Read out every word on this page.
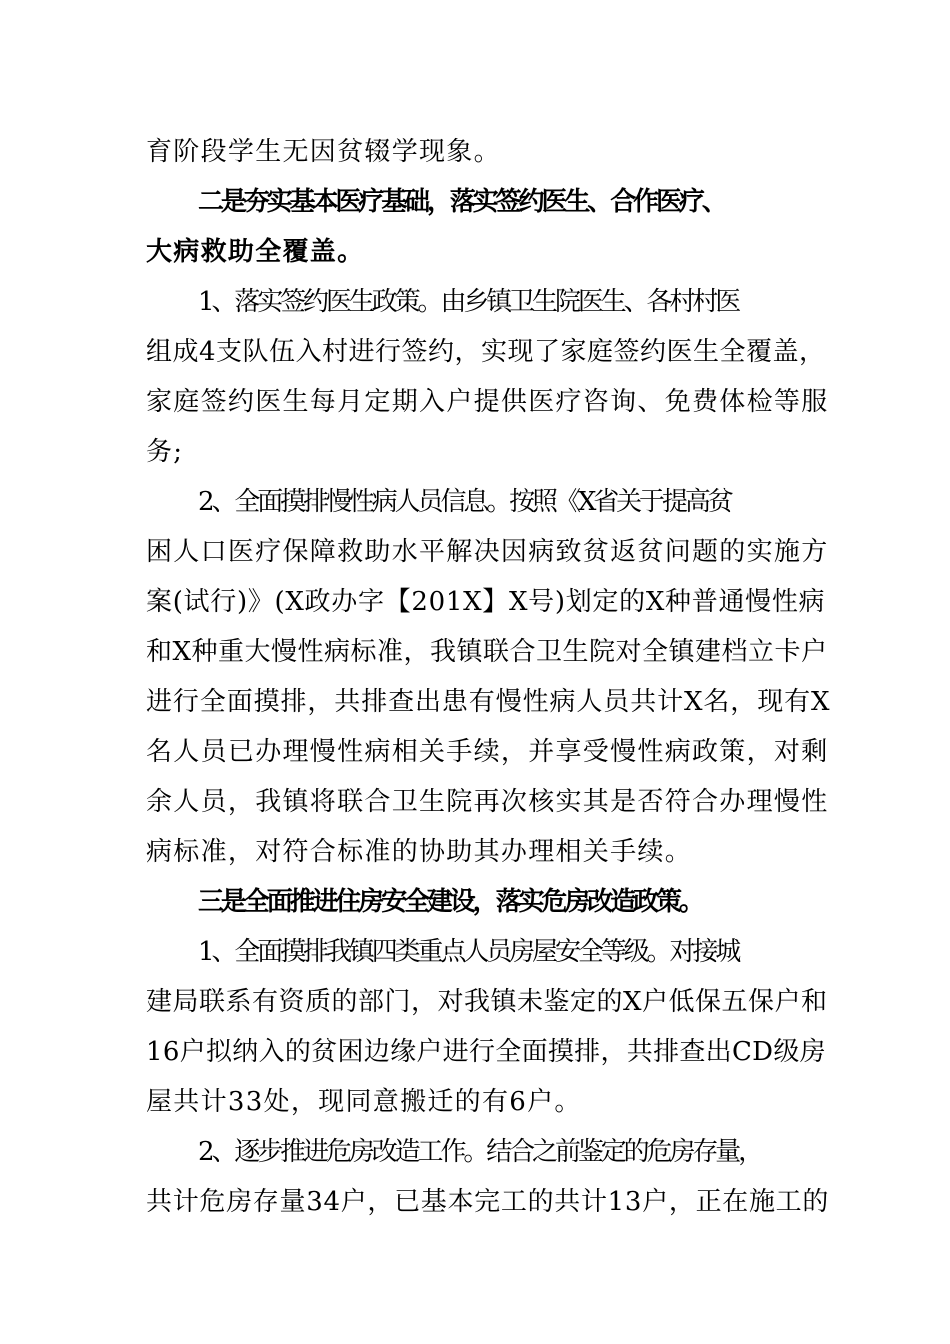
育阶段学生无因贫辍学现象。
二是夯实基本医疗基础，落实签约医生、合作医疗、
大病救助全覆盖。
1、落实签约医生政策。由乡镇卫生院医生、各村村医
组成4支队伍入村进行签约，实现了家庭签约医生全覆盖，
家庭签约医生每月定期入户提供医疗咨询、免费体检等服
务;
2、全面摸排慢性病人员信息。按照《X省关于提高贫
困人口医疗保障救助水平解决因病致贫返贫问题的实施方
案(试行)》(X政办字【201X】X号)划定的X种普通慢性病
和X种重大慢性病标准，我镇联合卫生院对全镇建档立卡户
进行全面摸排，共排查出患有慢性病人员共计X名，现有X
名人员已办理慢性病相关手续，并享受慢性病政策，对剩
余人员，我镇将联合卫生院再次核实其是否符合办理慢性
病标准，对符合标准的协助其办理相关手续。
三是全面推进住房安全建设，落实危房改造政策。
1、全面摸排我镇四类重点人员房屋安全等级。对接城
建局联系有资质的部门，对我镇未鉴定的X户低保五保户和
16户拟纳入的贫困边缘户进行全面摸排，共排查出CD级房
屋共计33处，现同意搬迁的有6户。
2、逐步推进危房改造工作。结合之前鉴定的危房存量，
共计危房存量34户，已基本完工的共计13户，正在施工的
